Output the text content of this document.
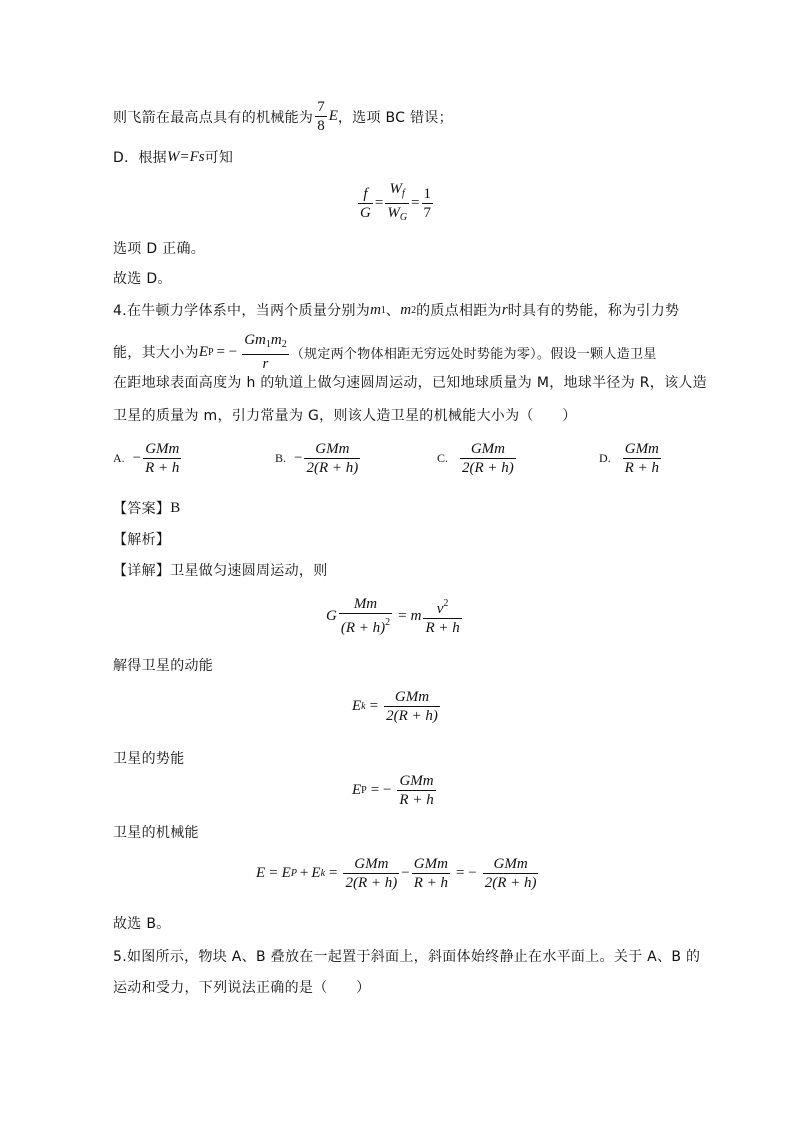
则飞箭在最高点具有的机械能为 $\frac{7}{8}$ E ，选项 BC 错误；
D．根据 W=Fs 可知
$\frac{f}{G} = \frac{W_f}{W_G} = \frac{1}{7}$
选项 D 正确。
故选 D。
4.在牛顿力学体系中，当两个质量分别为 m 1 、 m 2 的质点相距为 r 时具有的势能，称为引力势
能，其大小为 E P = − $\frac{Gm_1m_2}{r}$ （规定两个物体相距无穷远处时势能为零）。假设一颗人造卫星
在距地球表面高度为 h 的轨道上做匀速圆周运动，已知地球质量为 M，地球半径为 R，该人造
卫星的质量为 m，引力常量为 G，则该人造卫星的机械能大小为（　　）
A. − $\frac{\text{GMm}}{R + h}$	B. − $\frac{\text{GMm}}{2(R + h)}$	C. $\frac{\text{GMm}}{2(R + h)}$	D. $\frac{\text{GMm}}{R + h}$
【答案】 B
【解析】
【详解】 卫星做匀速圆周运动，则
G $\frac{Mm}{(R + h)^2} = m \frac{v^2}{R + h}$
解得卫星的动能
E $k = \frac{\text{GMm}}{2(R + h)}$
卫星的势能
E P = − $\frac{\text{GMm}}{R + h}$
卫星的机械能
E = E P + E $k = \frac{\text{GMm}}{2(R + h)} - \frac{\text{GMm}}{R + h}$ = − $\frac{\text{GMm}}{2(R + h)}$
故选 B。
5.如图所示，物块 A、B 叠放在一起置于斜面上，斜面体始终静止在水平面上。关于 A、B 的
运动和受力，下列说法正确的是（　　）
